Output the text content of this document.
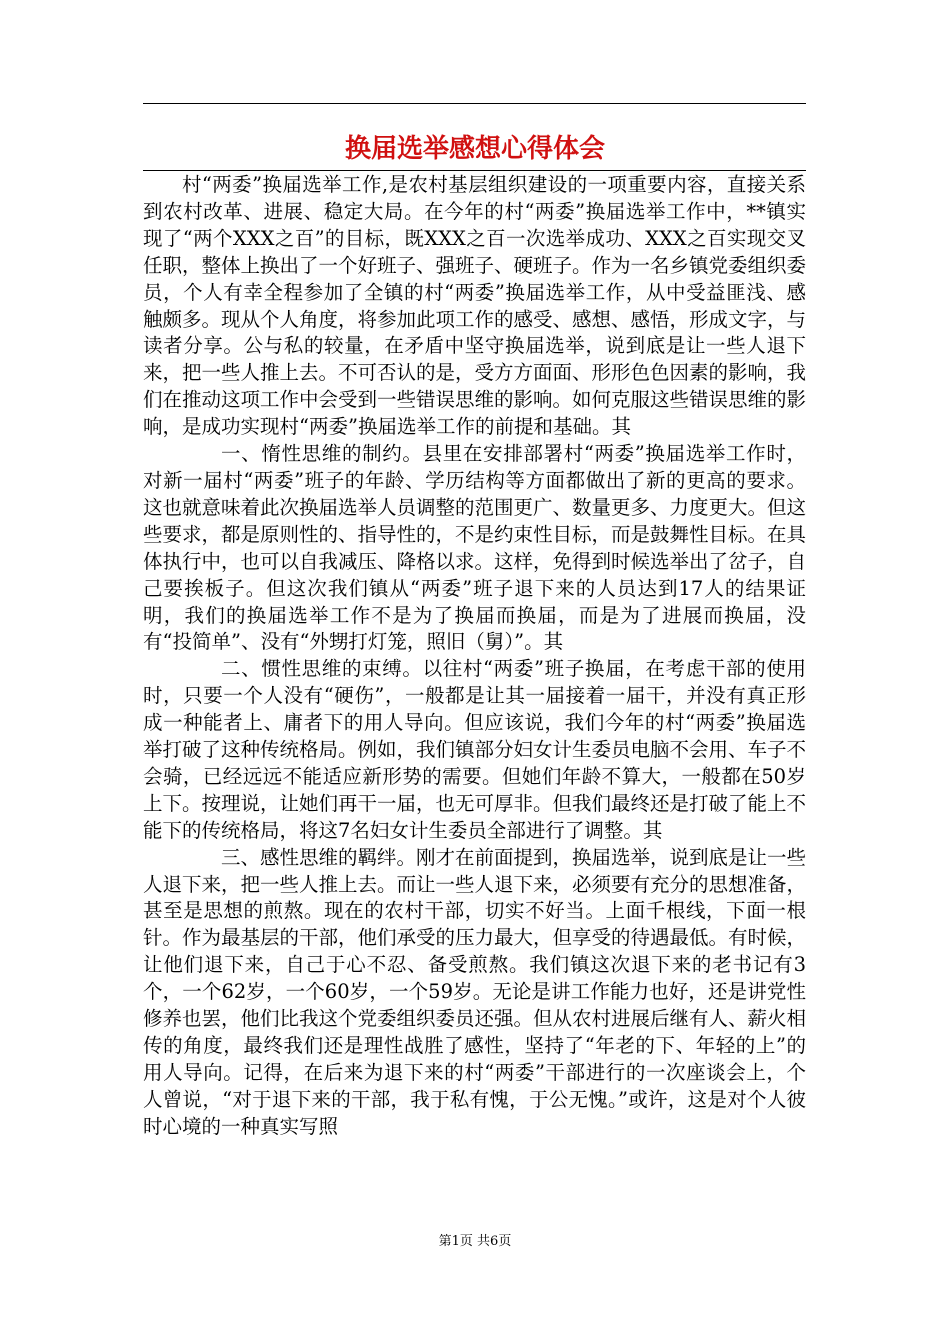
换届选举感想心得体会

村“两委”换届选举工作,是农村基层组织建设的一项重要内容，直接关系到农村改革、进展、稳定大局。在今年的村“两委”换届选举工作中，**镇实现了“两个XXX之百”的目标，既XXX之百一次选举成功、XXX之百实现交叉任职，整体上换出了一个好班子、强班子、硬班子。作为一名乡镇党委组织委员，个人有幸全程参加了全镇的村“两委”换届选举工作，从中受益匪浅、感触颇多。现从个人角度，将参加此项工作的感受、感想、感悟，形成文字，与读者分享。公与私的较量，在矛盾中坚守换届选举，说到底是让一些人退下来，把一些人推上去。不可否认的是，受方方面面、形形色色因素的影响，我们在推动这项工作中会受到一些错误思维的影响。如何克服这些错误思维的影响，是成功实现村“两委”换届选举工作的前提和基础。其

一、惰性思维的制约。县里在安排部署村“两委”换届选举工作时，对新一届村“两委”班子的年龄、学历结构等方面都做出了新的更高的要求。这也就意味着此次换届选举人员调整的范围更广、数量更多、力度更大。但这些要求，都是原则性的、指导性的，不是约束性目标，而是鼓舞性目标。在具体执行中，也可以自我减压、降格以求。这样，免得到时候选举出了岔子，自己要挨板子。但这次我们镇从“两委”班子退下来的人员达到17人的结果证明，我们的换届选举工作不是为了换届而换届，而是为了进展而换届，没有“投简单”、没有“外甥打灯笼，照旧（舅）”。其

二、惯性思维的束缚。以往村“两委”班子换届，在考虑干部的使用时，只要一个人没有“硬伤”，一般都是让其一届接着一届干，并没有真正形成一种能者上、庸者下的用人导向。但应该说，我们今年的村“两委”换届选举打破了这种传统格局。例如，我们镇部分妇女计生委员电脑不会用、车子不会骑，已经远远不能适应新形势的需要。但她们年龄不算大，一般都在50岁上下。按理说，让她们再干一届，也无可厚非。但我们最终还是打破了能上不能下的传统格局，将这7名妇女计生委员全部进行了调整。其

三、感性思维的羁绊。刚才在前面提到，换届选举，说到底是让一些人退下来，把一些人推上去。而让一些人退下来，必须要有充分的思想准备，甚至是思想的煎熬。现在的农村干部，切实不好当。上面千根线，下面一根针。作为最基层的干部，他们承受的压力最大，但享受的待遇最低。有时候，让他们退下来，自己于心不忍、备受煎熬。我们镇这次退下来的老书记有3个，一个62岁，一个60岁，一个59岁。无论是讲工作能力也好，还是讲党性修养也罢，他们比我这个党委组织委员还强。但从农村进展后继有人、薪火相传的角度，最终我们还是理性战胜了感性，坚持了“年老的下、年轻的上”的用人导向。记得，在后来为退下来的村“两委”干部进行的一次座谈会上，个人曾说，“对于退下来的干部，我于私有愧，于公无愧。”或许，这是对个人彼时心境的一种真实写照

第1页 共6页
